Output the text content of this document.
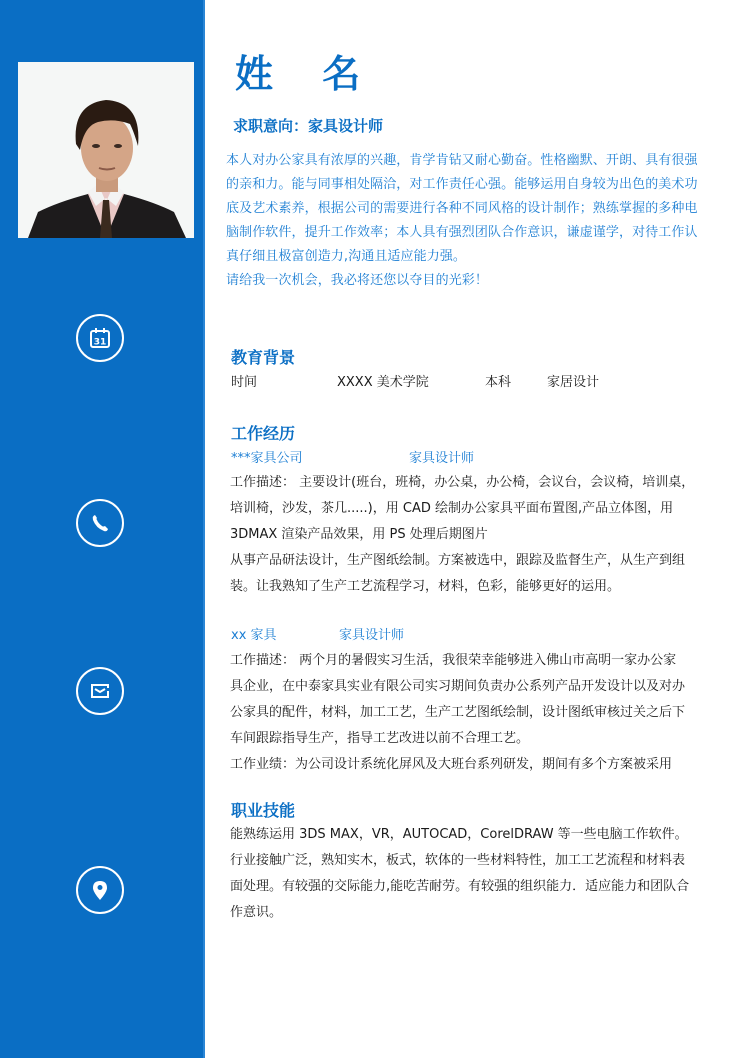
31
姓 名
求职意向：家具设计师

本人对办公家具有浓厚的兴趣，肯学肯钻又耐心勤奋。性格幽默、开朗、具有很强

的亲和力。能与同事相处隔洽，对工作责任心强。能够运用自身较为出色的美术功

底及艺术素养，根据公司的需要进行各种不同风格的设计制作；熟练掌握的多种电

脑制作软件，提升工作效率；本人具有强烈团队合作意识，谦虚谨学，对待工作认

真仔细且极富创造力,沟通且适应能力强。

请给我一次机会，我必将还您以夺目的光彩！

教育背景
时间	XXXX 美术学院	本科	家居设计
工作经历
***家具公司	家具设计师

工作描述： 主要设计(班台，班椅，办公桌，办公椅，会议台，会议椅，培训桌，

培训椅，沙发，茶几.....)，用 CAD 绘制办公家具平面布置图,产品立体图，用

3DMAX 渲染产品效果，用 PS 处理后期图片

从事产品研法设计，生产图纸绘制。方案被选中，跟踪及监督生产，从生产到组

装。让我熟知了生产工艺流程学习，材料，色彩，能够更好的运用。

xx 家具	家具设计师

工作描述： 两个月的暑假实习生活，我很荣幸能够进入佛山市高明一家办公家

具企业，在中泰家具实业有限公司实习期间负责办公系列产品开发设计以及对办

公家具的配件，材料，加工工艺，生产工艺图纸绘制，设计图纸审核过关之后下

车间跟踪指导生产，指导工艺改进以前不合理工艺。

工作业绩：为公司设计系统化屏风及大班台系列研发，期间有多个方案被采用

职业技能

能熟练运用 3DS MAX，VR，AUTOCAD，CorelDRAW 等一些电脑工作软件。

行业接触广泛，熟知实木，板式，软体的一些材料特性，加工工艺流程和材料表

面处理。有较强的交际能力,能吃苦耐劳。有较强的组织能力．适应能力和团队合

作意识。
